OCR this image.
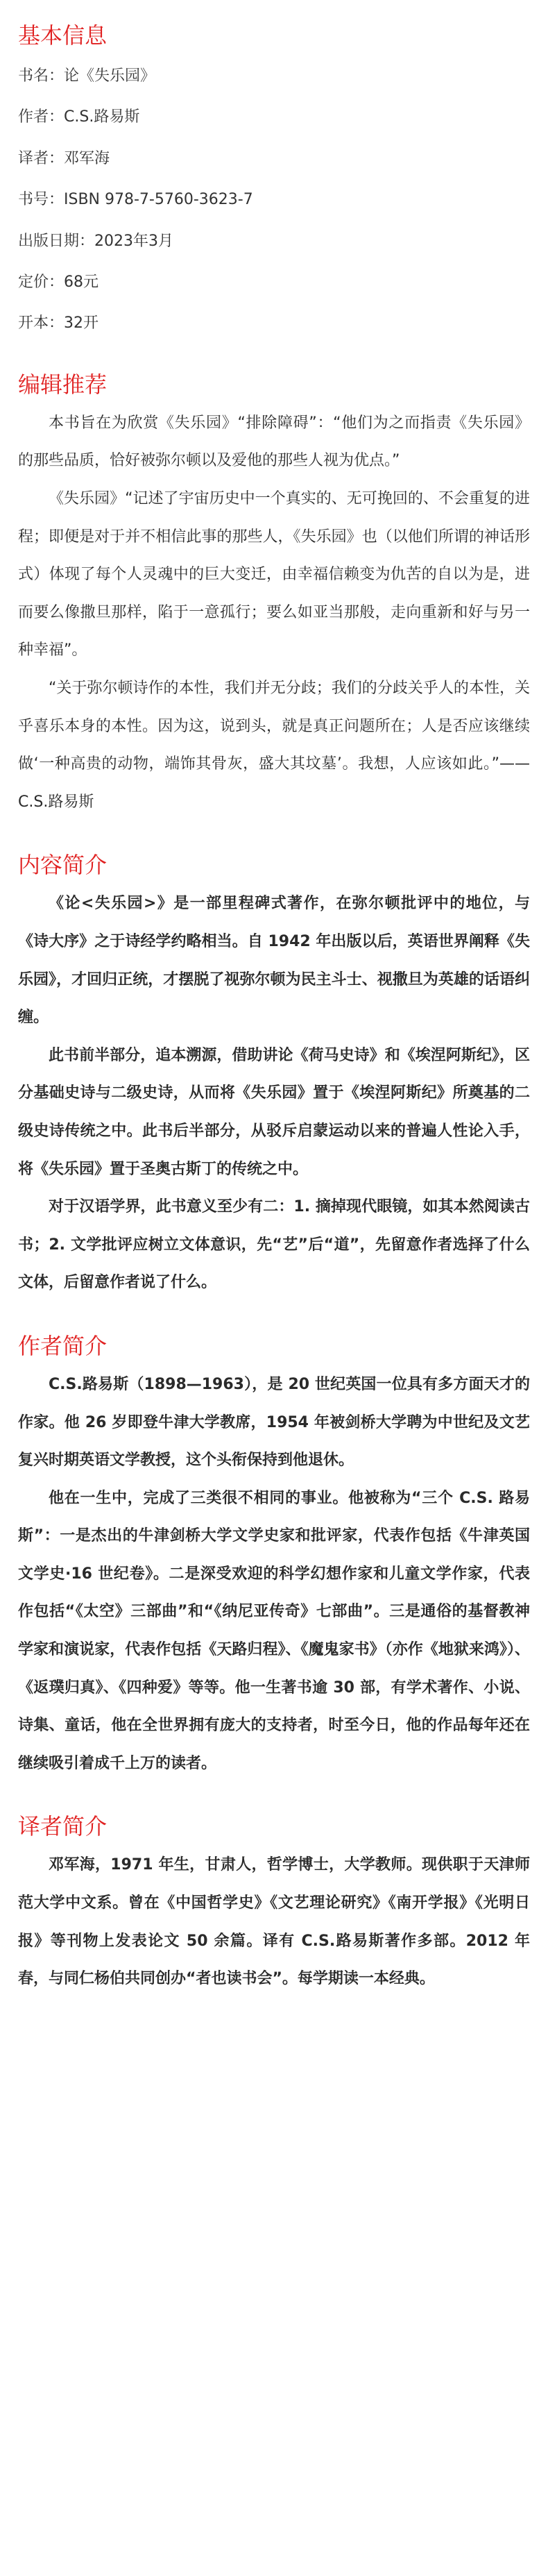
基本信息

书名：论《失乐园》

作者：C.S.路易斯

译者：邓军海

书号：ISBN 978-7-5760-3623-7

出版日期：2023年3月

定价：68元

开本：32开

编辑推荐

本书旨在为欣赏《失乐园》“排除障碍”：“他们为之而指责《失乐园》的那些品质，恰好被弥尔顿以及爱他的那些人视为优点。”

《失乐园》“记述了宇宙历史中一个真实的、无可挽回的、不会重复的进程；即便是对于并不相信此事的那些人，《失乐园》也（以他们所谓的神话形式）体现了每个人灵魂中的巨大变迁，由幸福信赖变为仇苦的自以为是，进而要么像撒旦那样，陷于一意孤行；要么如亚当那般，走向重新和好与另一种幸福”。

“关于弥尔顿诗作的本性，我们并无分歧；我们的分歧关乎人的本性，关乎喜乐本身的本性。因为这，说到头，就是真正问题所在；人是否应该继续做‘一种高贵的动物，端饰其骨灰，盛大其坟墓’。我想，人应该如此。”——C.S.路易斯

内容简介

《论<失乐园>》是一部里程碑式著作，在弥尔顿批评中的地位，与《诗大序》之于诗经学约略相当。自 1942 年出版以后，英语世界阐释《失乐园》，才回归正统，才摆脱了视弥尔顿为民主斗士、视撒旦为英雄的话语纠缠。

此书前半部分，追本溯源，借助讲论《荷马史诗》和《埃涅阿斯纪》，区分基础史诗与二级史诗，从而将《失乐园》置于《埃涅阿斯纪》所奠基的二级史诗传统之中。此书后半部分，从驳斥启蒙运动以来的普遍人性论入手，将《失乐园》置于圣奥古斯丁的传统之中。

对于汉语学界，此书意义至少有二：1. 摘掉现代眼镜，如其本然阅读古书；2. 文学批评应树立文体意识，先“艺”后“道”，先留意作者选择了什么文体，后留意作者说了什么。

作者简介

C.S.路易斯（1898—1963），是 20 世纪英国一位具有多方面天才的作家。他 26 岁即登牛津大学教席，1954 年被剑桥大学聘为中世纪及文艺复兴时期英语文学教授，这个头衔保持到他退休。

他在一生中，完成了三类很不相同的事业。他被称为“三个 C.S. 路易斯”：一是杰出的牛津剑桥大学文学史家和批评家，代表作包括《牛津英国文学史·16 世纪卷》。二是深受欢迎的科学幻想作家和儿童文学作家，代表作包括“《太空》三部曲”和“《纳尼亚传奇》七部曲”。三是通俗的基督教神学家和演说家，代表作包括《天路归程》、《魔鬼家书》（亦作《地狱来鸿》）、《返璞归真》、《四种爱》等等。他一生著书逾 30 部，有学术著作、小说、诗集、童话，他在全世界拥有庞大的支持者，时至今日，他的作品每年还在继续吸引着成千上万的读者。

译者简介

邓军海，1971 年生，甘肃人，哲学博士，大学教师。现供职于天津师范大学中文系。曾在《中国哲学史》《文艺理论研究》《南开学报》《光明日报》等刊物上发表论文 50 余篇。译有 C.S.路易斯著作多部。2012 年春，与同仁杨伯共同创办“者也读书会”。每学期读一本经典。
